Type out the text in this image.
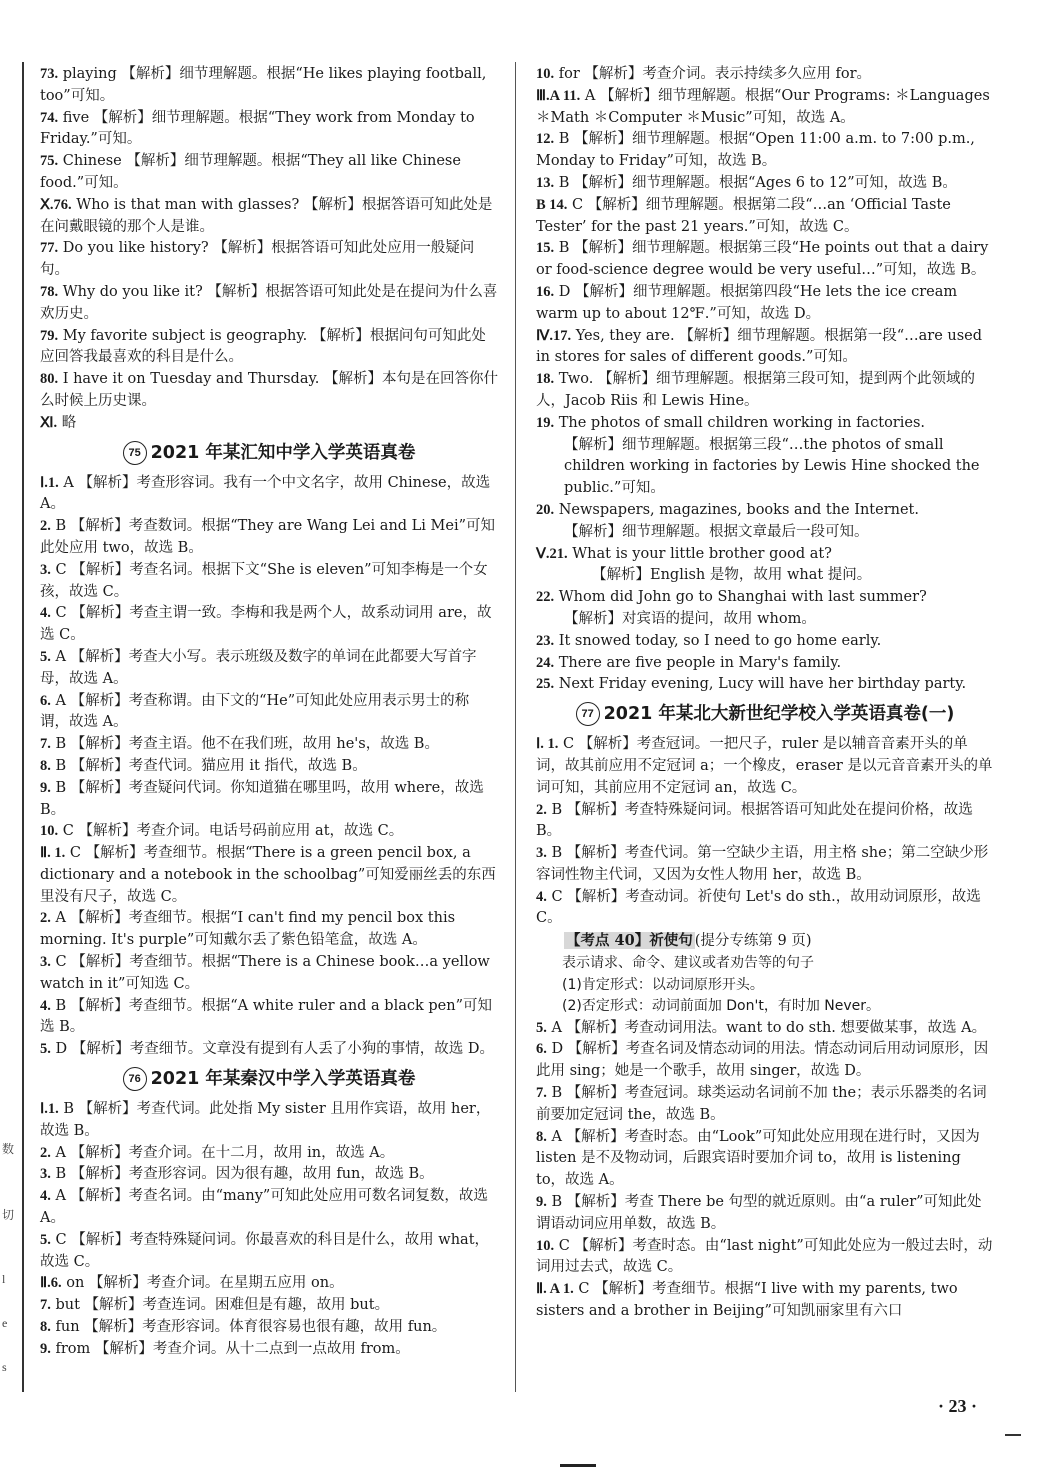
数
切
l
e
s
73. playing 【解析】细节理解题。根据“He likes playing football, too”可知。
74. five 【解析】细节理解题。根据“They work from Monday to Friday.”可知。
75. Chinese 【解析】细节理解题。根据“They all like Chinese food.”可知。
Ⅹ.76. Who is that man with glasses? 【解析】根据答语可知此处是在问戴眼镜的那个人是谁。
77. Do you like history? 【解析】根据答语可知此处应用一般疑问句。
78. Why do you like it? 【解析】根据答语可知此处是在提问为什么喜欢历史。
79. My favorite subject is geography. 【解析】根据问句可知此处应回答我最喜欢的科目是什么。
80. I have it on Tuesday and Thursday. 【解析】本句是在回答你什么时候上历史课。
Ⅺ. 略
75 2021 年某汇知中学入学英语真卷
Ⅰ.1. A 【解析】考查形容词。我有一个中文名字，故用 Chinese，故选 A。
2. B 【解析】考查数词。根据“They are Wang Lei and Li Mei”可知此处应用 two，故选 B。
3. C 【解析】考查名词。根据下文“She is eleven”可知李梅是一个女孩，故选 C。
4. C 【解析】考查主谓一致。李梅和我是两个人，故系动词用 are，故选 C。
5. A 【解析】考查大小写。表示班级及数字的单词在此都要大写首字母，故选 A。
6. A 【解析】考查称谓。由下文的“He”可知此处应用表示男士的称谓，故选 A。
7. B 【解析】考查主语。他不在我们班，故用 he's，故选 B。
8. B 【解析】考查代词。猫应用 it 指代，故选 B。
9. B 【解析】考查疑问代词。你知道猫在哪里吗，故用 where，故选 B。
10. C 【解析】考查介词。电话号码前应用 at，故选 C。
Ⅱ. 1. C 【解析】考查细节。根据“There is a green pencil box, a dictionary and a notebook in the schoolbag”可知爱丽丝丢的东西里没有尺子，故选 C。
2. A 【解析】考查细节。根据“I can't find my pencil box this morning. It's purple”可知戴尔丢了紫色铅笔盒，故选 A。
3. C 【解析】考查细节。根据“There is a Chinese book…a yellow watch in it”可知选 C。
4. B 【解析】考查细节。根据“A white ruler and a black pen”可知选 B。
5. D 【解析】考查细节。文章没有提到有人丢了小狗的事情，故选 D。
76 2021 年某秦汉中学入学英语真卷
Ⅰ.1. B 【解析】考查代词。此处指 My sister 且用作宾语，故用 her，故选 B。
2. A 【解析】考查介词。在十二月，故用 in，故选 A。
3. B 【解析】考查形容词。因为很有趣，故用 fun，故选 B。
4. A 【解析】考查名词。由“many”可知此处应用可数名词复数，故选 A。
5. C 【解析】考查特殊疑问词。你最喜欢的科目是什么，故用 what，故选 C。
Ⅱ.6. on 【解析】考查介词。在星期五应用 on。
7. but 【解析】考查连词。困难但是有趣，故用 but。
8. fun 【解析】考查形容词。体育很容易也很有趣，故用 fun。
9. from 【解析】考查介词。从十二点到一点故用 from。
10. for 【解析】考查介词。表示持续多久应用 for。
Ⅲ.A 11. A 【解析】细节理解题。根据“Our Programs: ＊Languages ＊Math ＊Computer ＊Music”可知，故选 A。
12. B 【解析】细节理解题。根据“Open 11:00 a.m. to 7:00 p.m., Monday to Friday”可知，故选 B。
13. B 【解析】细节理解题。根据“Ages 6 to 12”可知，故选 B。
B 14. C 【解析】细节理解题。根据第二段“…an ‘Official Taste Tester’ for the past 21 years.”可知，故选 C。
15. B 【解析】细节理解题。根据第三段“He points out that a dairy or food-science degree would be very useful…”可知，故选 B。
16. D 【解析】细节理解题。根据第四段“He lets the ice cream warm up to about 12℉.”可知，故选 D。
Ⅳ.17. Yes, they are. 【解析】细节理解题。根据第一段“…are used in stores for sales of different goods.”可知。
18. Two. 【解析】细节理解题。根据第三段可知，提到两个此领域的人，Jacob Riis 和 Lewis Hine。
19. The photos of small children working in factories.
【解析】细节理解题。根据第三段“…the photos of small children working in factories by Lewis Hine shocked the public.”可知。
20. Newspapers, magazines, books and the Internet.
【解析】细节理解题。根据文章最后一段可知。
Ⅴ.21. What is your little brother good at?
【解析】English 是物，故用 what 提问。
22. Whom did John go to Shanghai with last summer?
【解析】对宾语的提问，故用 whom。
23. It snowed today, so I need to go home early.
24. There are five people in Mary's family.
25. Next Friday evening, Lucy will have her birthday party.
77 2021 年某北大新世纪学校入学英语真卷(一)
Ⅰ. 1. C 【解析】考查冠词。一把尺子，ruler 是以辅音音素开头的单词，故其前应用不定冠词 a；一个橡皮，eraser 是以元音音素开头的单词可知，其前应用不定冠词 an，故选 C。
2. B 【解析】考查特殊疑问词。根据答语可知此处在提问价格，故选 B。
3. B 【解析】考查代词。第一空缺少主语，用主格 she；第二空缺少形容词性物主代词，又因为女性人物用 her，故选 B。
4. C 【解析】考查动词。祈使句 Let's do sth.，故用动词原形，故选 C。
【考点 40】祈使句 (提分专练第 9 页)
表示请求、命令、建议或者劝告等的句子
(1)肯定形式：以动词原形开头。
(2)否定形式：动词前面加 Don't，有时加 Never。
5. A 【解析】考查动词用法。want to do sth. 想要做某事，故选 A。
6. D 【解析】考查名词及情态动词的用法。情态动词后用动词原形，因此用 sing；她是一个歌手，故用 singer，故选 D。
7. B 【解析】考查冠词。球类运动名词前不加 the；表示乐器类的名词前要加定冠词 the，故选 B。
8. A 【解析】考查时态。由“Look”可知此处应用现在进行时，又因为 listen 是不及物动词，后跟宾语时要加介词 to，故用 is listening to，故选 A。
9. B 【解析】考查 There be 句型的就近原则。由“a ruler”可知此处谓语动词应用单数，故选 B。
10. C 【解析】考查时态。由“last night”可知此处应为一般过去时，动词用过去式，故选 C。
Ⅱ. A 1. C 【解析】考查细节。根据“I live with my parents, two sisters and a brother in Beijing”可知凯丽家里有六口
· 23 ·
